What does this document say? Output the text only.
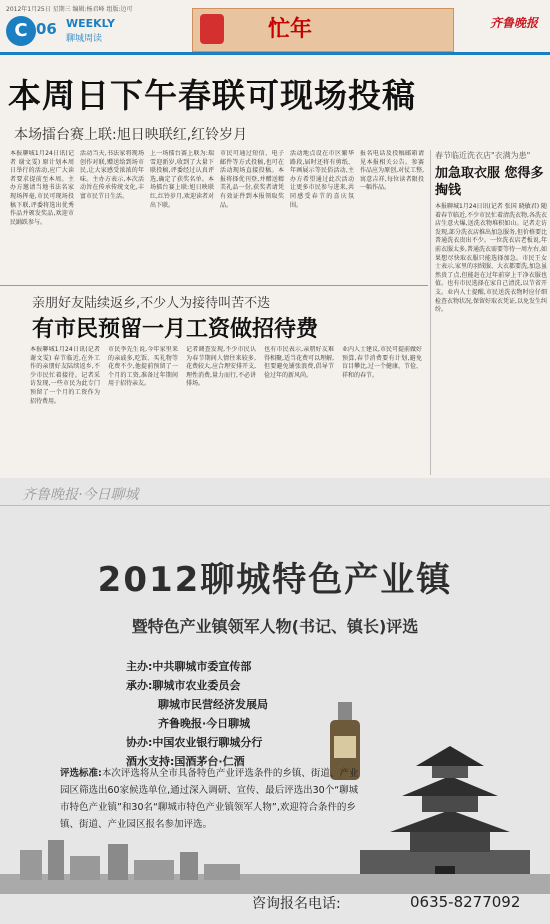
2012年1月25日 星期三 编辑:杨君峰 组版:边可
C 06 WEEKLY
聊城周读	忙年	齐鲁晚报
本周日下午春联可现场投稿
本场擂台赛上联:旭日映联红,红铃岁月
本报聊城1月24日讯(记者 谢文雯) 原计划本周日举行的活动,应广大读者要求提前至本周。主办方邀请当地书法名家现场挥毫,市民可现场投稿下联,评委将选出优秀作品并颁发奖品,欢迎市民踊跃参与。
活动当天,书法家将现场创作对联,赠送给到场市民,让大家感受浓浓的年味。主办方表示,本次活动旨在传承传统文化,丰富市民节日生活。
上一场擂台赛上联为:瑞雪迎新岁,收到了大量下联投稿,评委经过认真评选,确定了获奖名单。本场擂台赛上联:旭日映联红,红铃岁月,欢迎读者对出下联。
市民可通过短信、电子邮件等方式投稿,也可在活动现场直接投稿。本报将择优刊登,并赠送精美礼品一份,获奖者请凭有效证件到本报领取奖品。
活动地点设在市区繁华路段,届时还将有剪纸、年画展示等民俗活动,主办方希望通过此次活动让更多市民参与进来,共同感受春节的喜庆氛围。
报名电话及投稿邮箱请见本报相关公告。参赛作品应为原创,对仗工整,寓意吉祥,每位读者限投一幅作品。
春节临近洗衣店"衣满为患"
加急取衣服 您得多掏钱
本报聊城1月24日讯(记者 张国 晓敏君) 随着春节临近,不少市民忙着清洗衣物,各洗衣店生意火爆,送洗衣物堆积如山。记者走访发现,部分洗衣店推出加急服务,但价格要比普通洗衣贵出不少。一位洗衣店老板说,年前衣服太多,普通洗衣需要等待一周左右,如果想尽快取衣服只能选择加急。市民王女士表示,家里的羽绒服、大衣都要洗,加急虽然贵了点,但能赶在过年前穿上干净衣服也值。也有市民选择在家自己清洗,以节省开支。业内人士提醒,市民送洗衣物时应仔细检查衣物状况,保留好取衣凭证,以免发生纠纷。
亲朋好友陆续返乡,不少人为接待叫苦不迭
有市民预留一月工资做招待费
本报聊城1月24日讯(记者 谢文雯) 春节临近,在外工作的亲朋好友陆续返乡,不少市民忙着接待。记者采访发现,一些市民为此专门预留了一个月的工资作为招待费用。
市民李先生说,今年家里来的亲戚多,吃饭、买礼物等花费不少,他提前预留了一个月的工资,准备过年期间用于招待亲友。
记者调查发现,不少市民认为春节期间人情往来较多,花费较大,应合理安排开支,理性消费,量力而行,不必讲排场。
也有市民表示,亲朋好友难得相聚,适当花费可以理解,但要避免铺张浪费,倡导节俭过年的新风尚。
业内人士建议,市民可提前做好预算,春节消费要有计划,避免盲目攀比,过一个健康、节俭、祥和的春节。
齐鲁晚报·今日聊城
2012聊城特色产业镇
暨特色产业镇领军人物(书记、镇长)评选
主办:中共聊城市委宣传部
承办:聊城市农业委员会
聊城市民营经济发展局
齐鲁晚报·今日聊城
协办:中国农业银行聊城分行
酒水支持:国酒茅台·仁酒
评选标准:本次评选将从全市具备特色产业评选条件的乡镇、街道、产业园区筛选出60家候选单位,通过深入调研、宣传、最后评选出30个“聊城市特色产业镇”和30名“聊城市特色产业镇领军人物”,欢迎符合条件的乡镇、街道、产业园区报名参加评选。
咨询报名电话:	0635-8277092
